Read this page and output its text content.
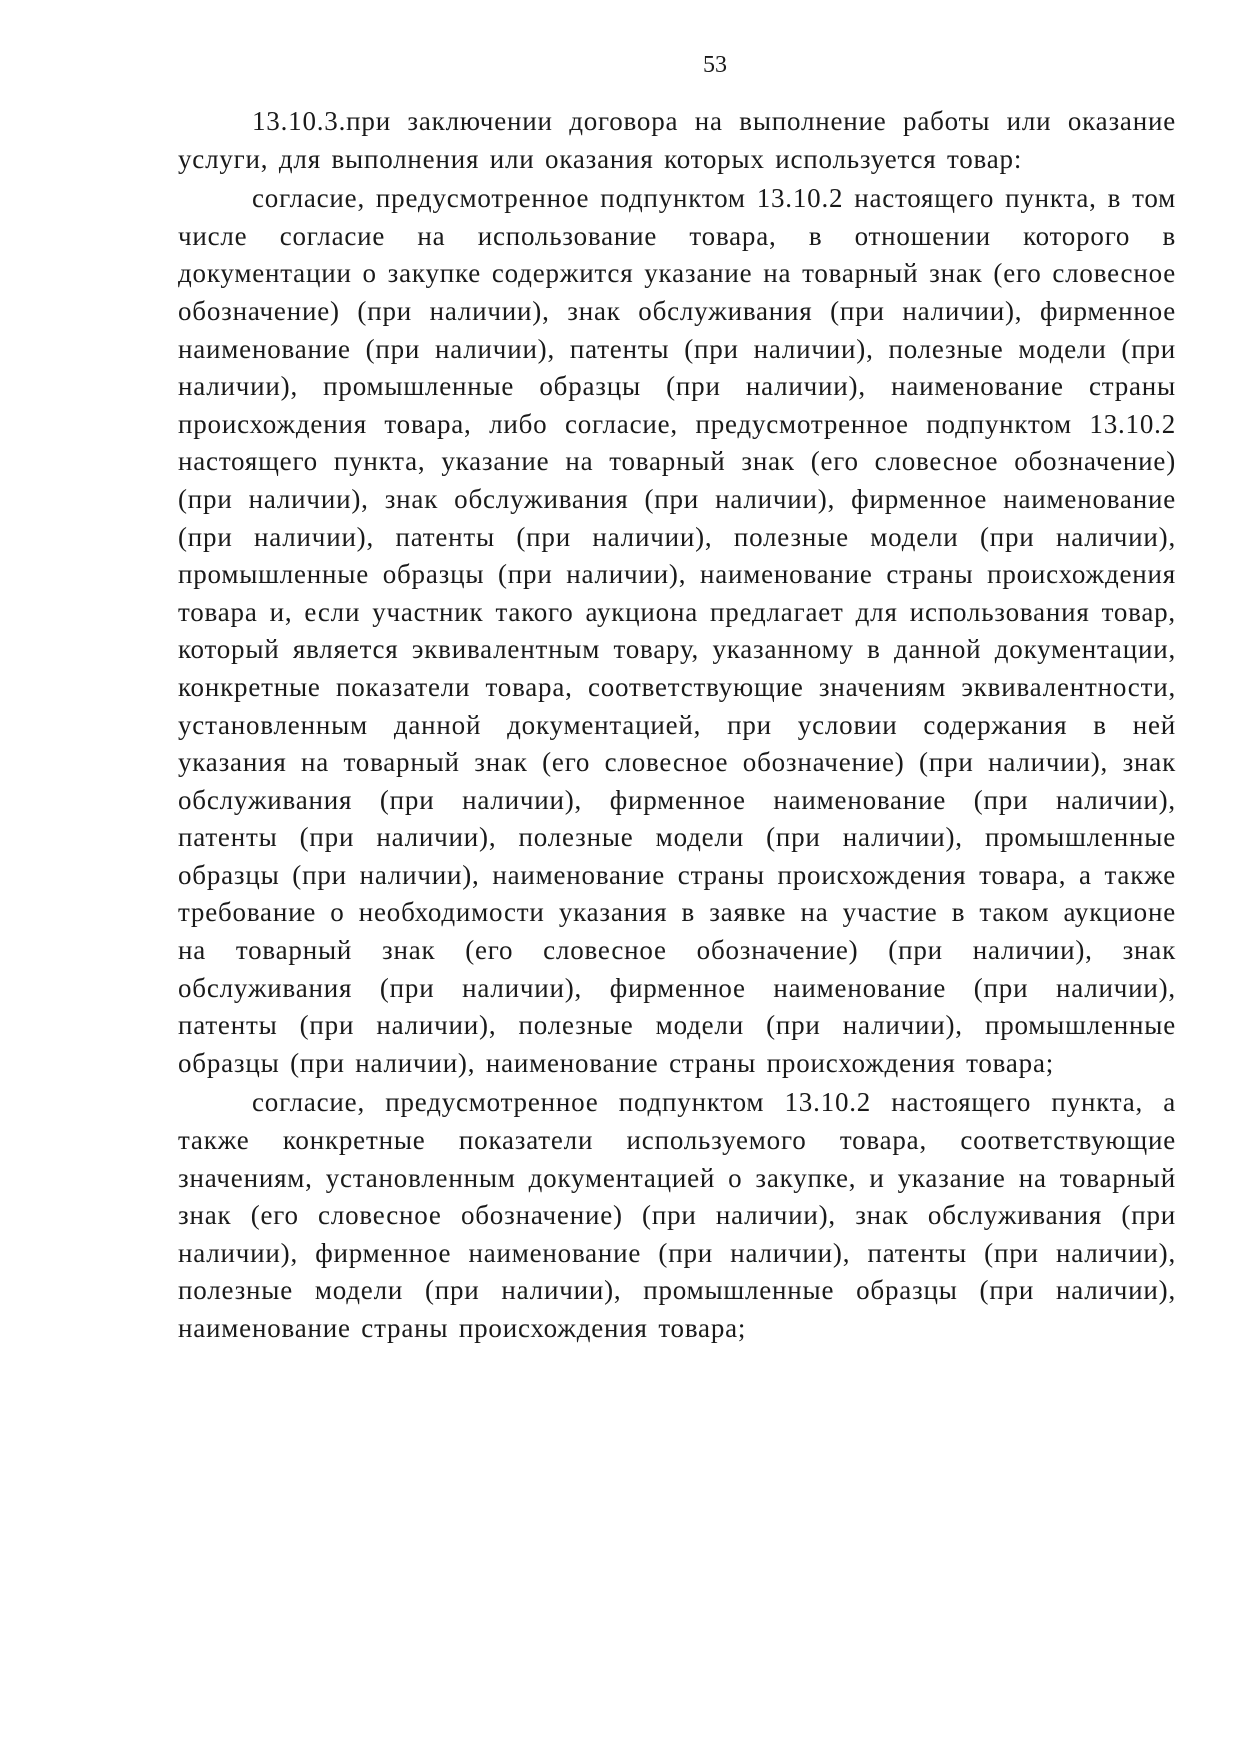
53

13.10.3.при заключении договора на выполнение работы или оказание услуги, для выполнения или оказания которых используется товар:

согласие, предусмотренное подпунктом 13.10.2 настоящего пункта, в том числе согласие на использование товара, в отношении которого в документации о закупке содержится указание на товарный знак (его словесное обозначение) (при наличии), знак обслуживания (при наличии), фирменное наименование (при наличии), патенты (при наличии), полезные модели (при наличии), промышленные образцы (при наличии), наименование страны происхождения товара, либо согласие, предусмотренное подпунктом 13.10.2 настоящего пункта, указание на товарный знак (его словесное обозначение) (при наличии), знак обслуживания (при наличии), фирменное наименование (при наличии), патенты (при наличии), полезные модели (при наличии), промышленные образцы (при наличии), наименование страны происхождения товара и, если участник такого аукциона предлагает для использования товар, который является эквивалентным товару, указанному в данной документации, конкретные показатели товара, соответствующие значениям эквивалентности, установленным данной документацией, при условии содержания в ней указания на товарный знак (его словесное обозначение) (при наличии), знак обслуживания (при наличии), фирменное наименование (при наличии), патенты (при наличии), полезные модели (при наличии), промышленные образцы (при наличии), наименование страны происхождения товара, а также требование о необходимости указания в заявке на участие в таком аукционе на товарный знак (его словесное обозначение) (при наличии), знак обслуживания (при наличии), фирменное наименование (при наличии), патенты (при наличии), полезные модели (при наличии), промышленные образцы (при наличии), наименование страны происхождения товара;

согласие, предусмотренное подпунктом 13.10.2 настоящего пункта, а также конкретные показатели используемого товара, соответствующие значениям, установленным документацией о закупке, и указание на товарный знак (его словесное обозначение) (при наличии), знак обслуживания (при наличии), фирменное наименование (при наличии), патенты (при наличии), полезные модели (при наличии), промышленные образцы (при наличии), наименование страны происхождения товара;
